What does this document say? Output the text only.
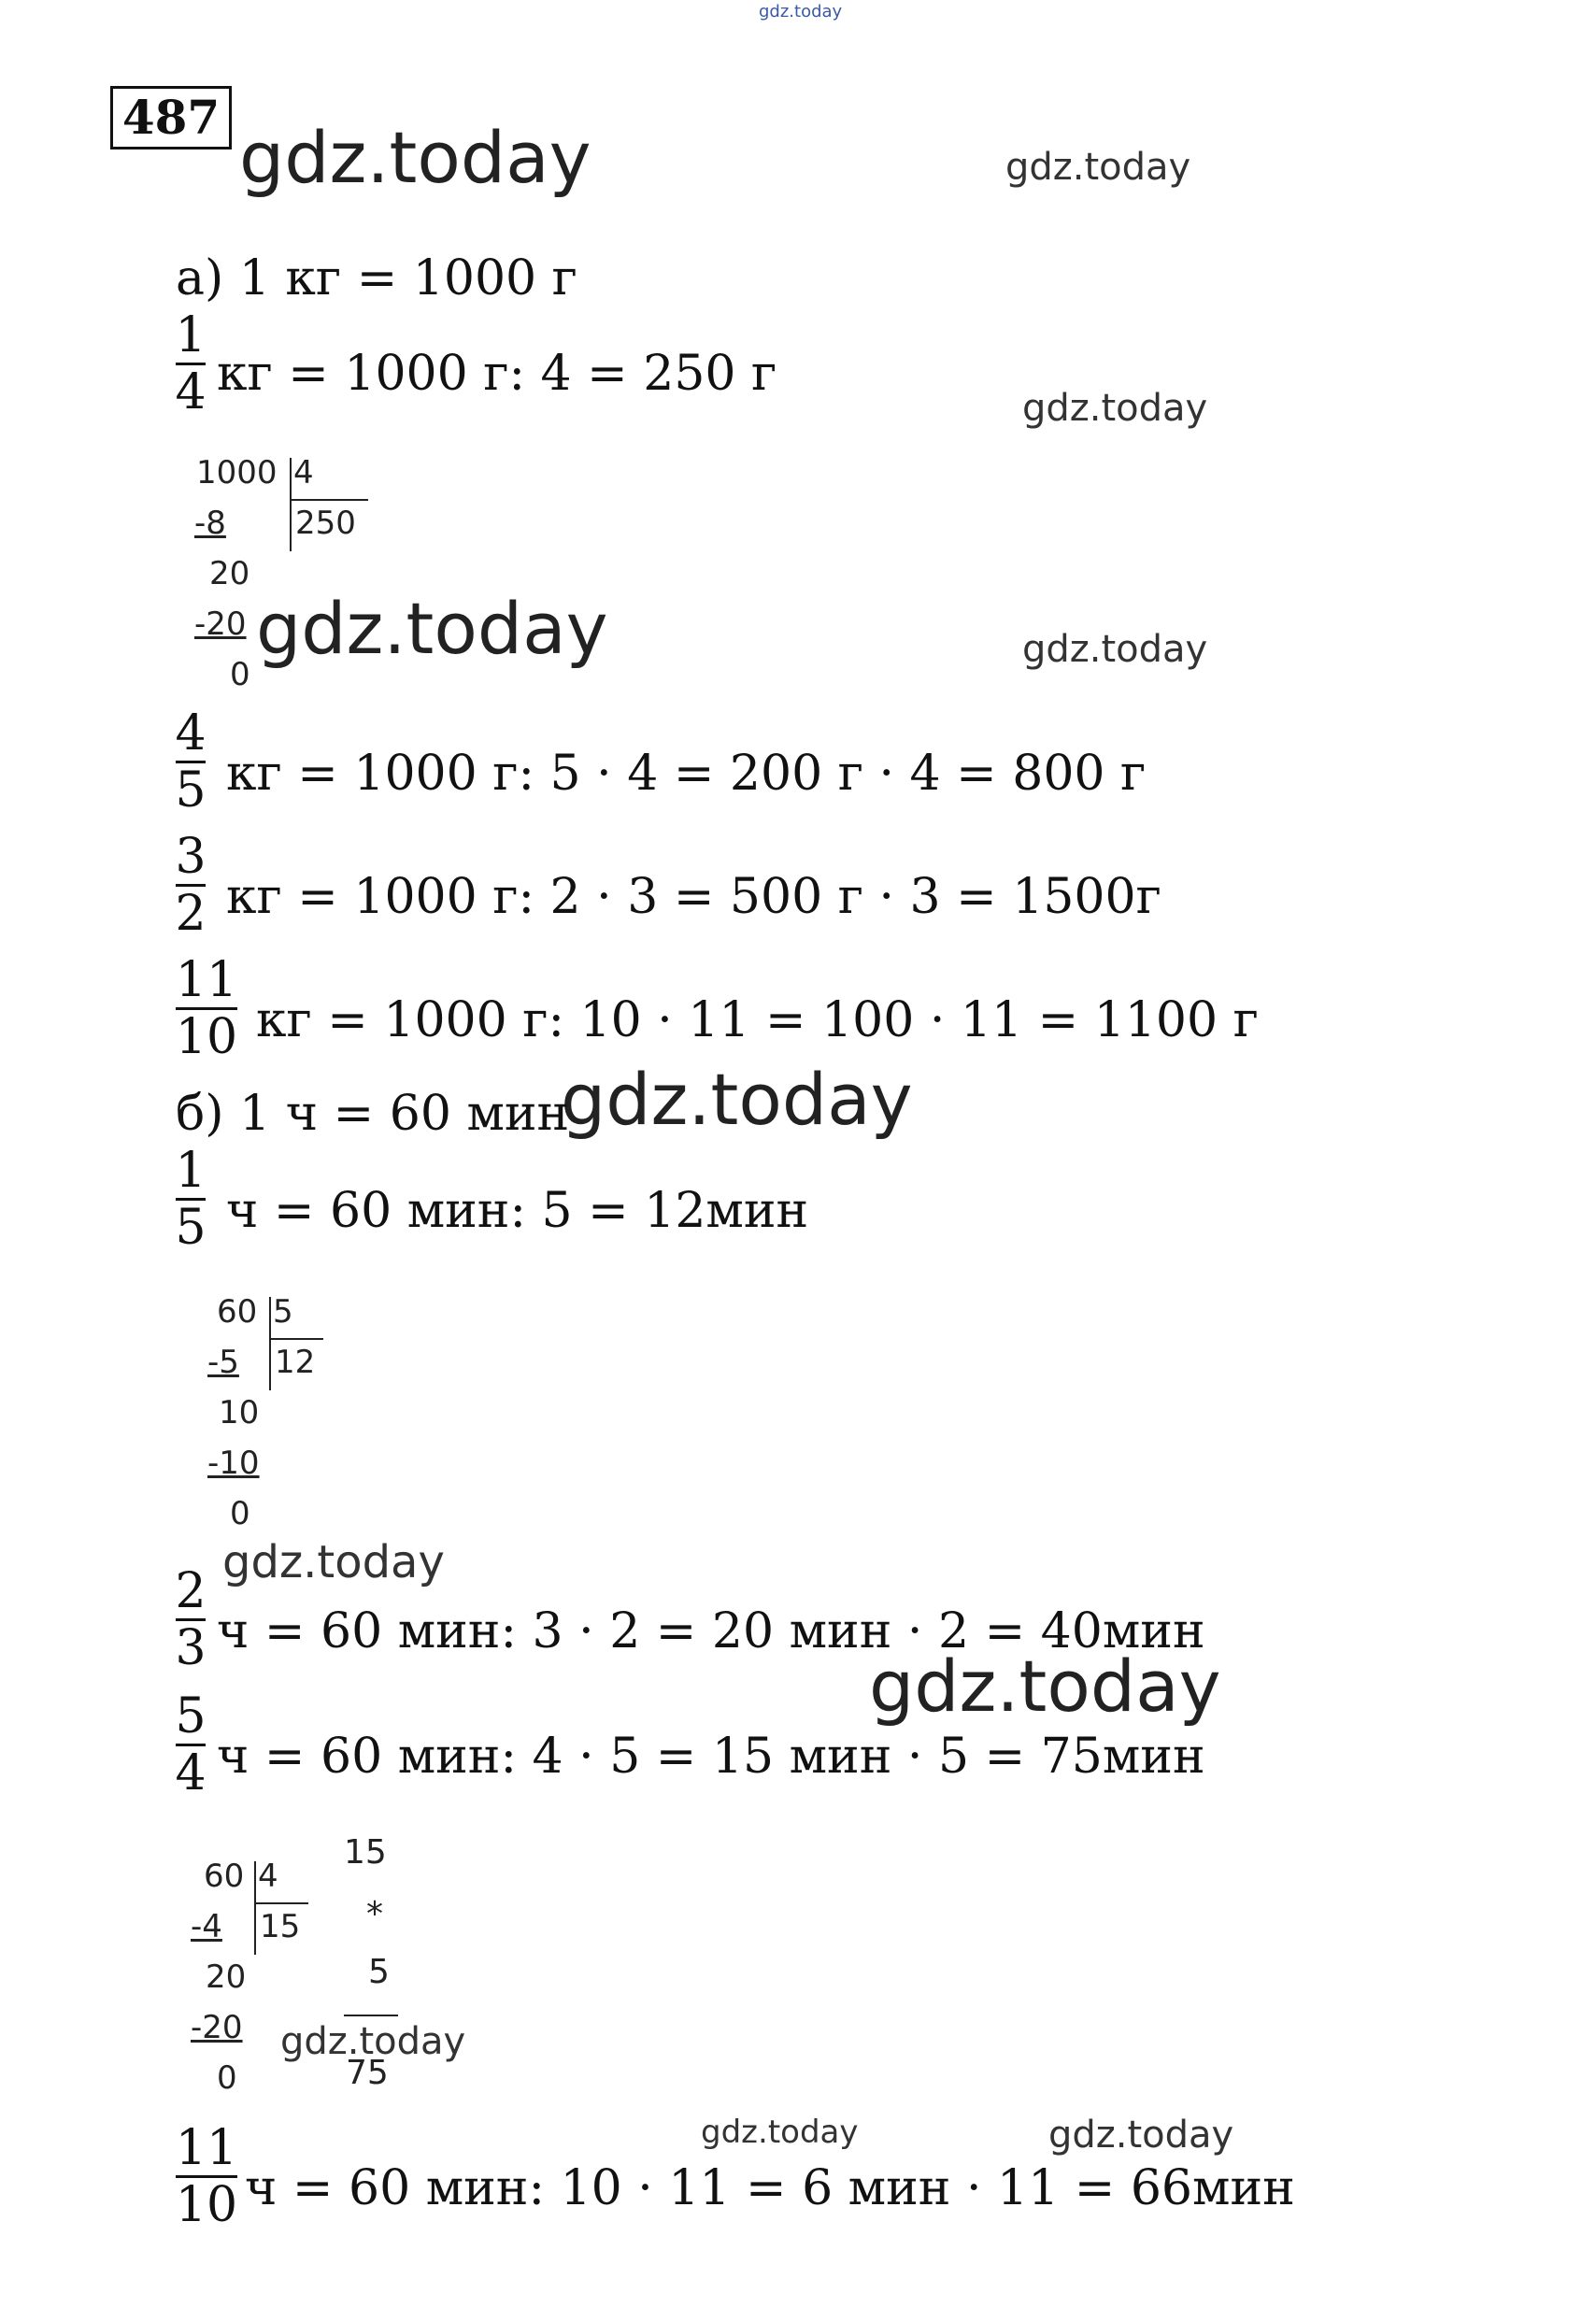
gdz.today
487 gdz.today	gdz.today
gdz.today
gdz.today	gdz.today
gdz.today
gdz.today
gdz.today
gdz.today
gdz.today	gdz.today
а) 1 кг = 1000 г
1
4 кг = 1000 г: 4 = 250 г
1000 4
250
-8
20
-20
0
4
5 кг = 1000 г: 5 · 4 = 200 г · 4 = 800 г
3
2 кг = 1000 г: 2 · 3 = 500 г · 3 = 1500г
11
10 кг = 1000 г: 10 · 11 = 100 · 11 = 1100 г
б) 1 ч = 60 мин
1
5 ч = 60 мин: 5 = 12мин
60 5
12
-5
10
-10
0
2
3 ч = 60 мин: 3 · 2 = 20 мин · 2 = 40мин
5
4 ч = 60 мин: 4 · 5 = 15 мин · 5 = 75мин
60 4
15
-4
20
-20
0
15
*
5
75
11
10 ч = 60 мин: 10 · 11 = 6 мин · 11 = 66мин
